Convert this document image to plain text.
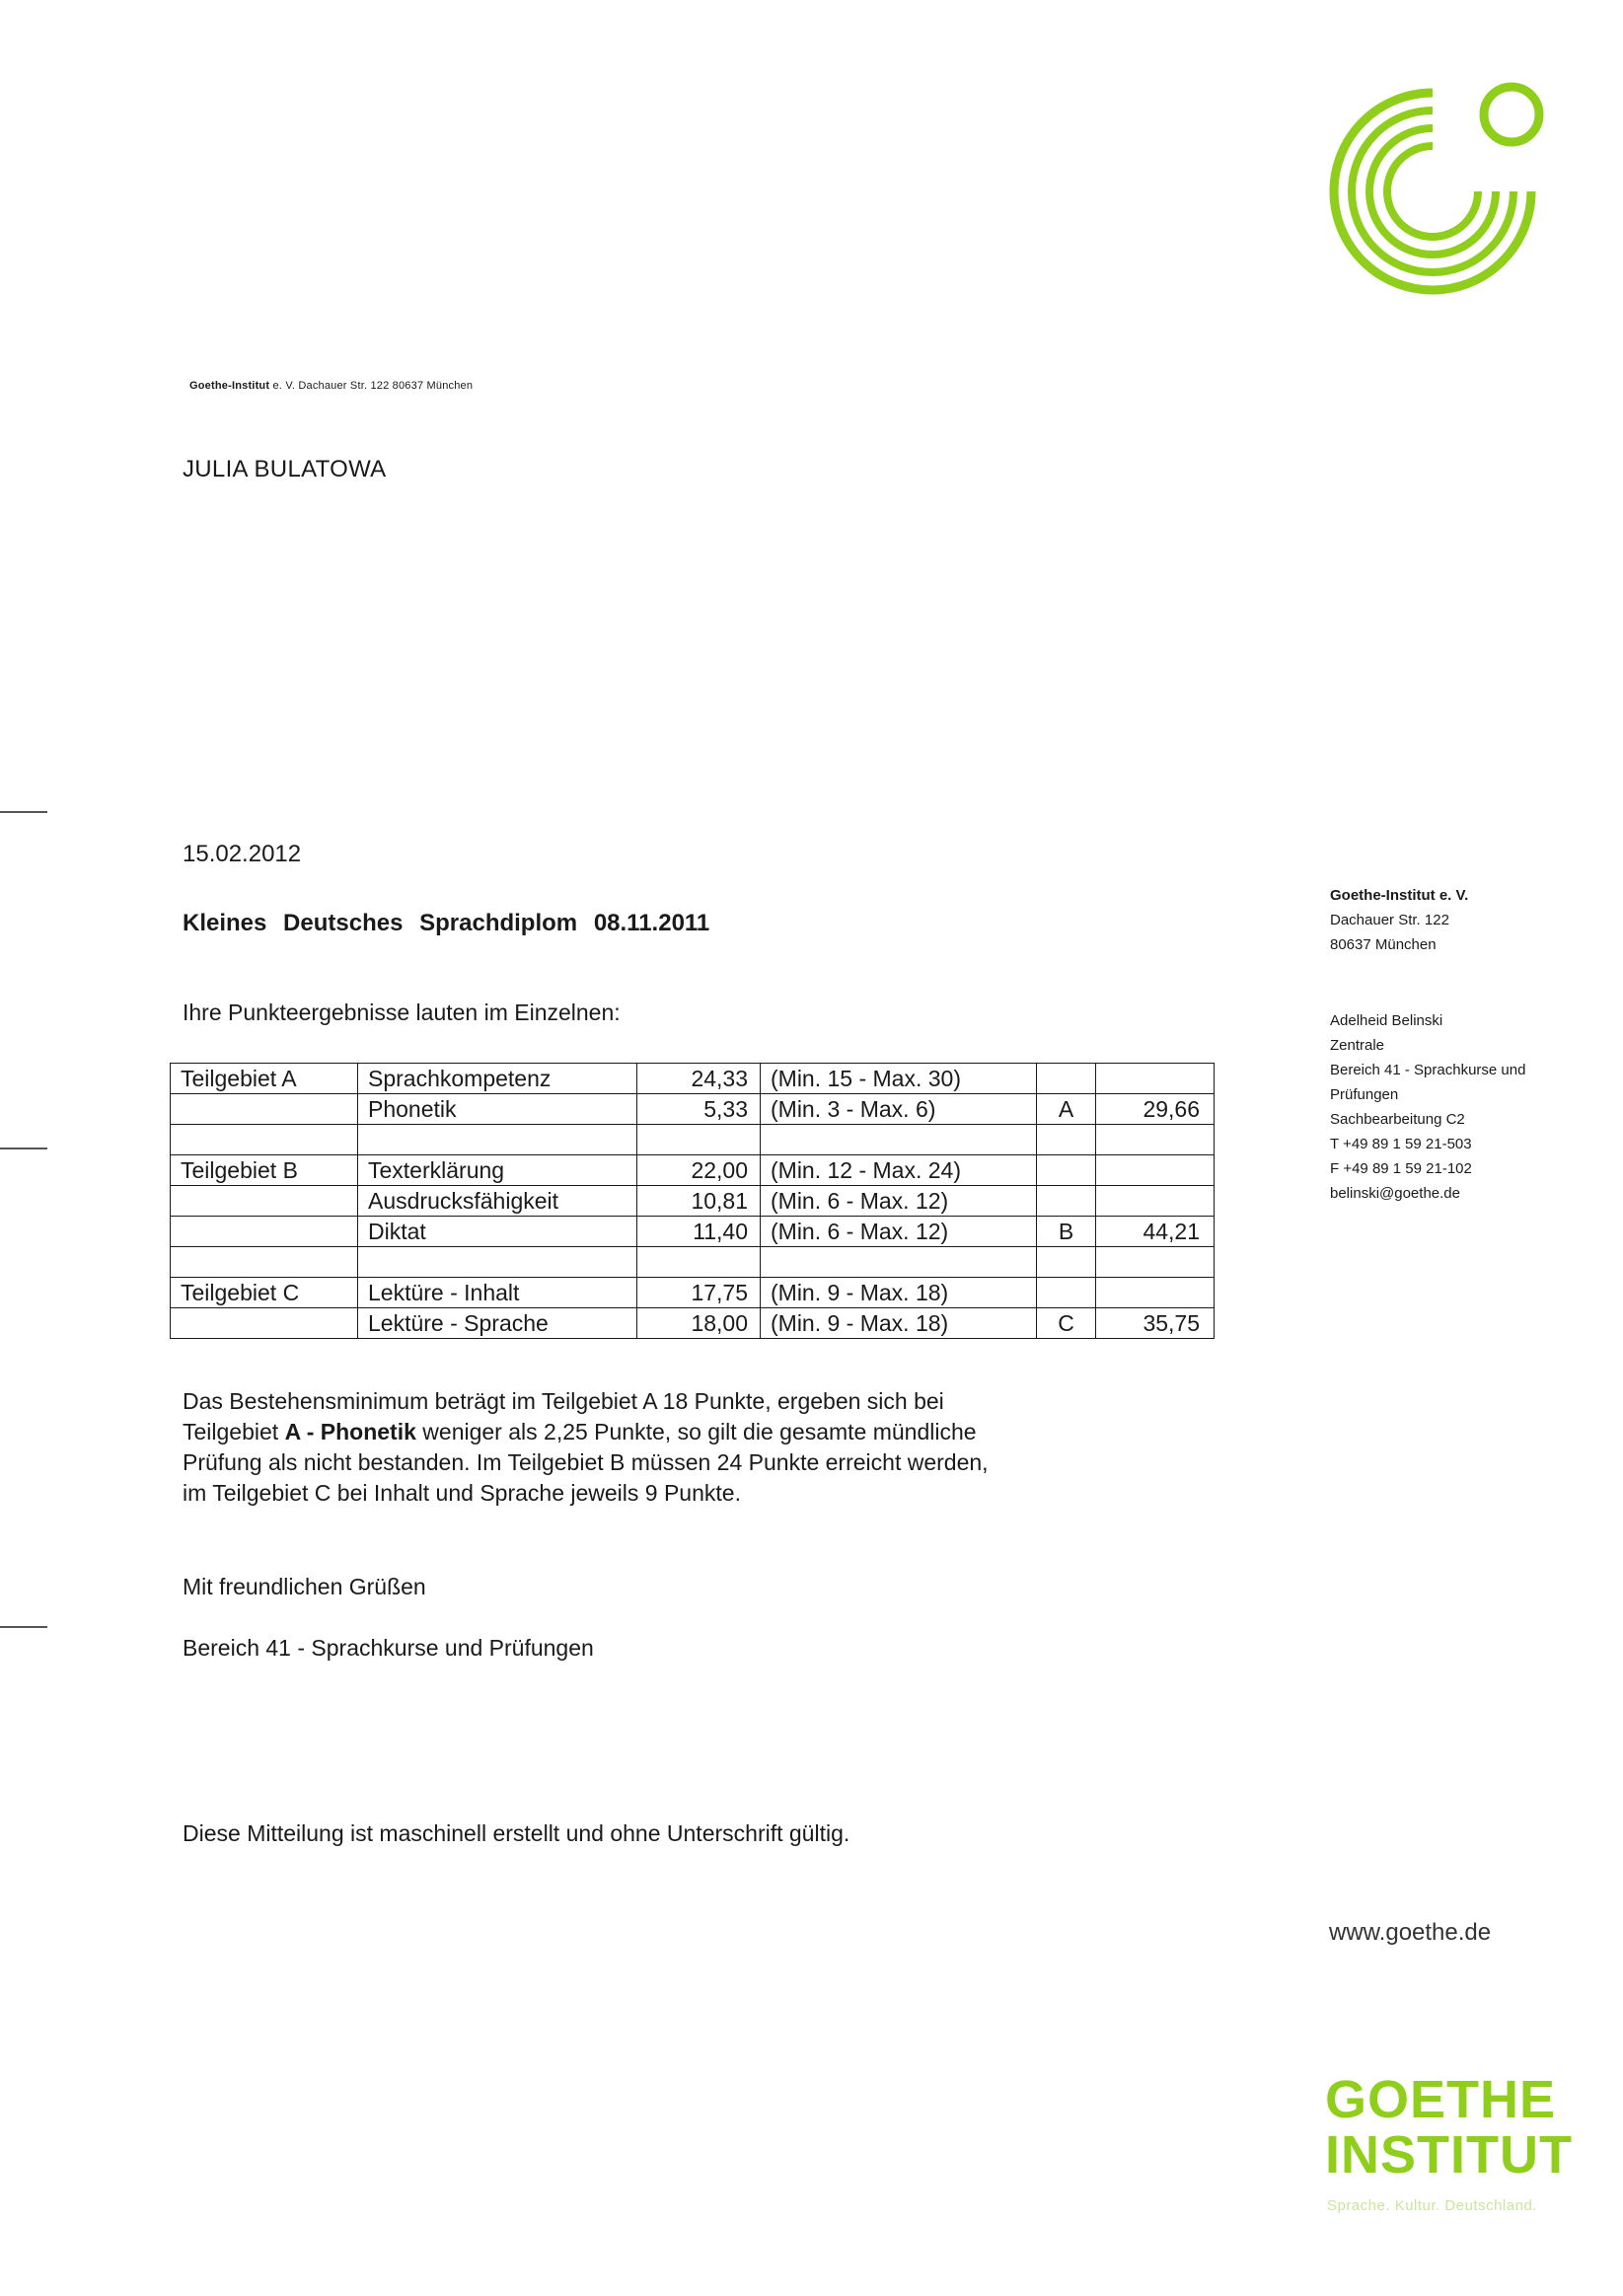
Goethe-Institut e. V. Dachauer Str. 122 80637 München
JULIA BULATOWA
15.02.2012
Kleines Deutsches Sprachdiplom 08.11.2011
Ihre Punkteergebnisse lauten im Einzelnen:
Goethe-Institut e. V.
Dachauer Str. 122
80637 München
Adelheid Belinski
Zentrale
Bereich 41 - Sprachkurse und
Prüfungen
Sachbearbeitung C2
T +49 89 1 59 21-503
F +49 89 1 59 21-102
belinski@goethe.de
Teilgebiet A	Sprachkompetenz	24,33	(Min. 15 - Max. 30)		
	Phonetik	5,33	(Min. 3 - Max. 6)	A	29,66

Teilgebiet B	Texterklärung	22,00	(Min. 12 - Max. 24)		
	Ausdrucksfähigkeit	10,81	(Min. 6 - Max. 12)		
	Diktat	11,40	(Min. 6 - Max. 12)	B	44,21

Teilgebiet C	Lektüre - Inhalt	17,75	(Min. 9 - Max. 18)		
	Lektüre - Sprache	18,00	(Min. 9 - Max. 18)	C	35,75
Das Bestehensminimum beträgt im Teilgebiet A 18 Punkte, ergeben sich bei
Teilgebiet A - Phonetik weniger als 2,25 Punkte, so gilt die gesamte mündliche
Prüfung als nicht bestanden. Im Teilgebiet B müssen 24 Punkte erreicht werden,
im Teilgebiet C bei Inhalt und Sprache jeweils 9 Punkte.
Mit freundlichen Grüßen
Bereich 41 - Sprachkurse und Prüfungen
Diese Mitteilung ist maschinell erstellt und ohne Unterschrift gültig.
www.goethe.de
GOETHE
INSTITUT
Sprache. Kultur. Deutschland.
